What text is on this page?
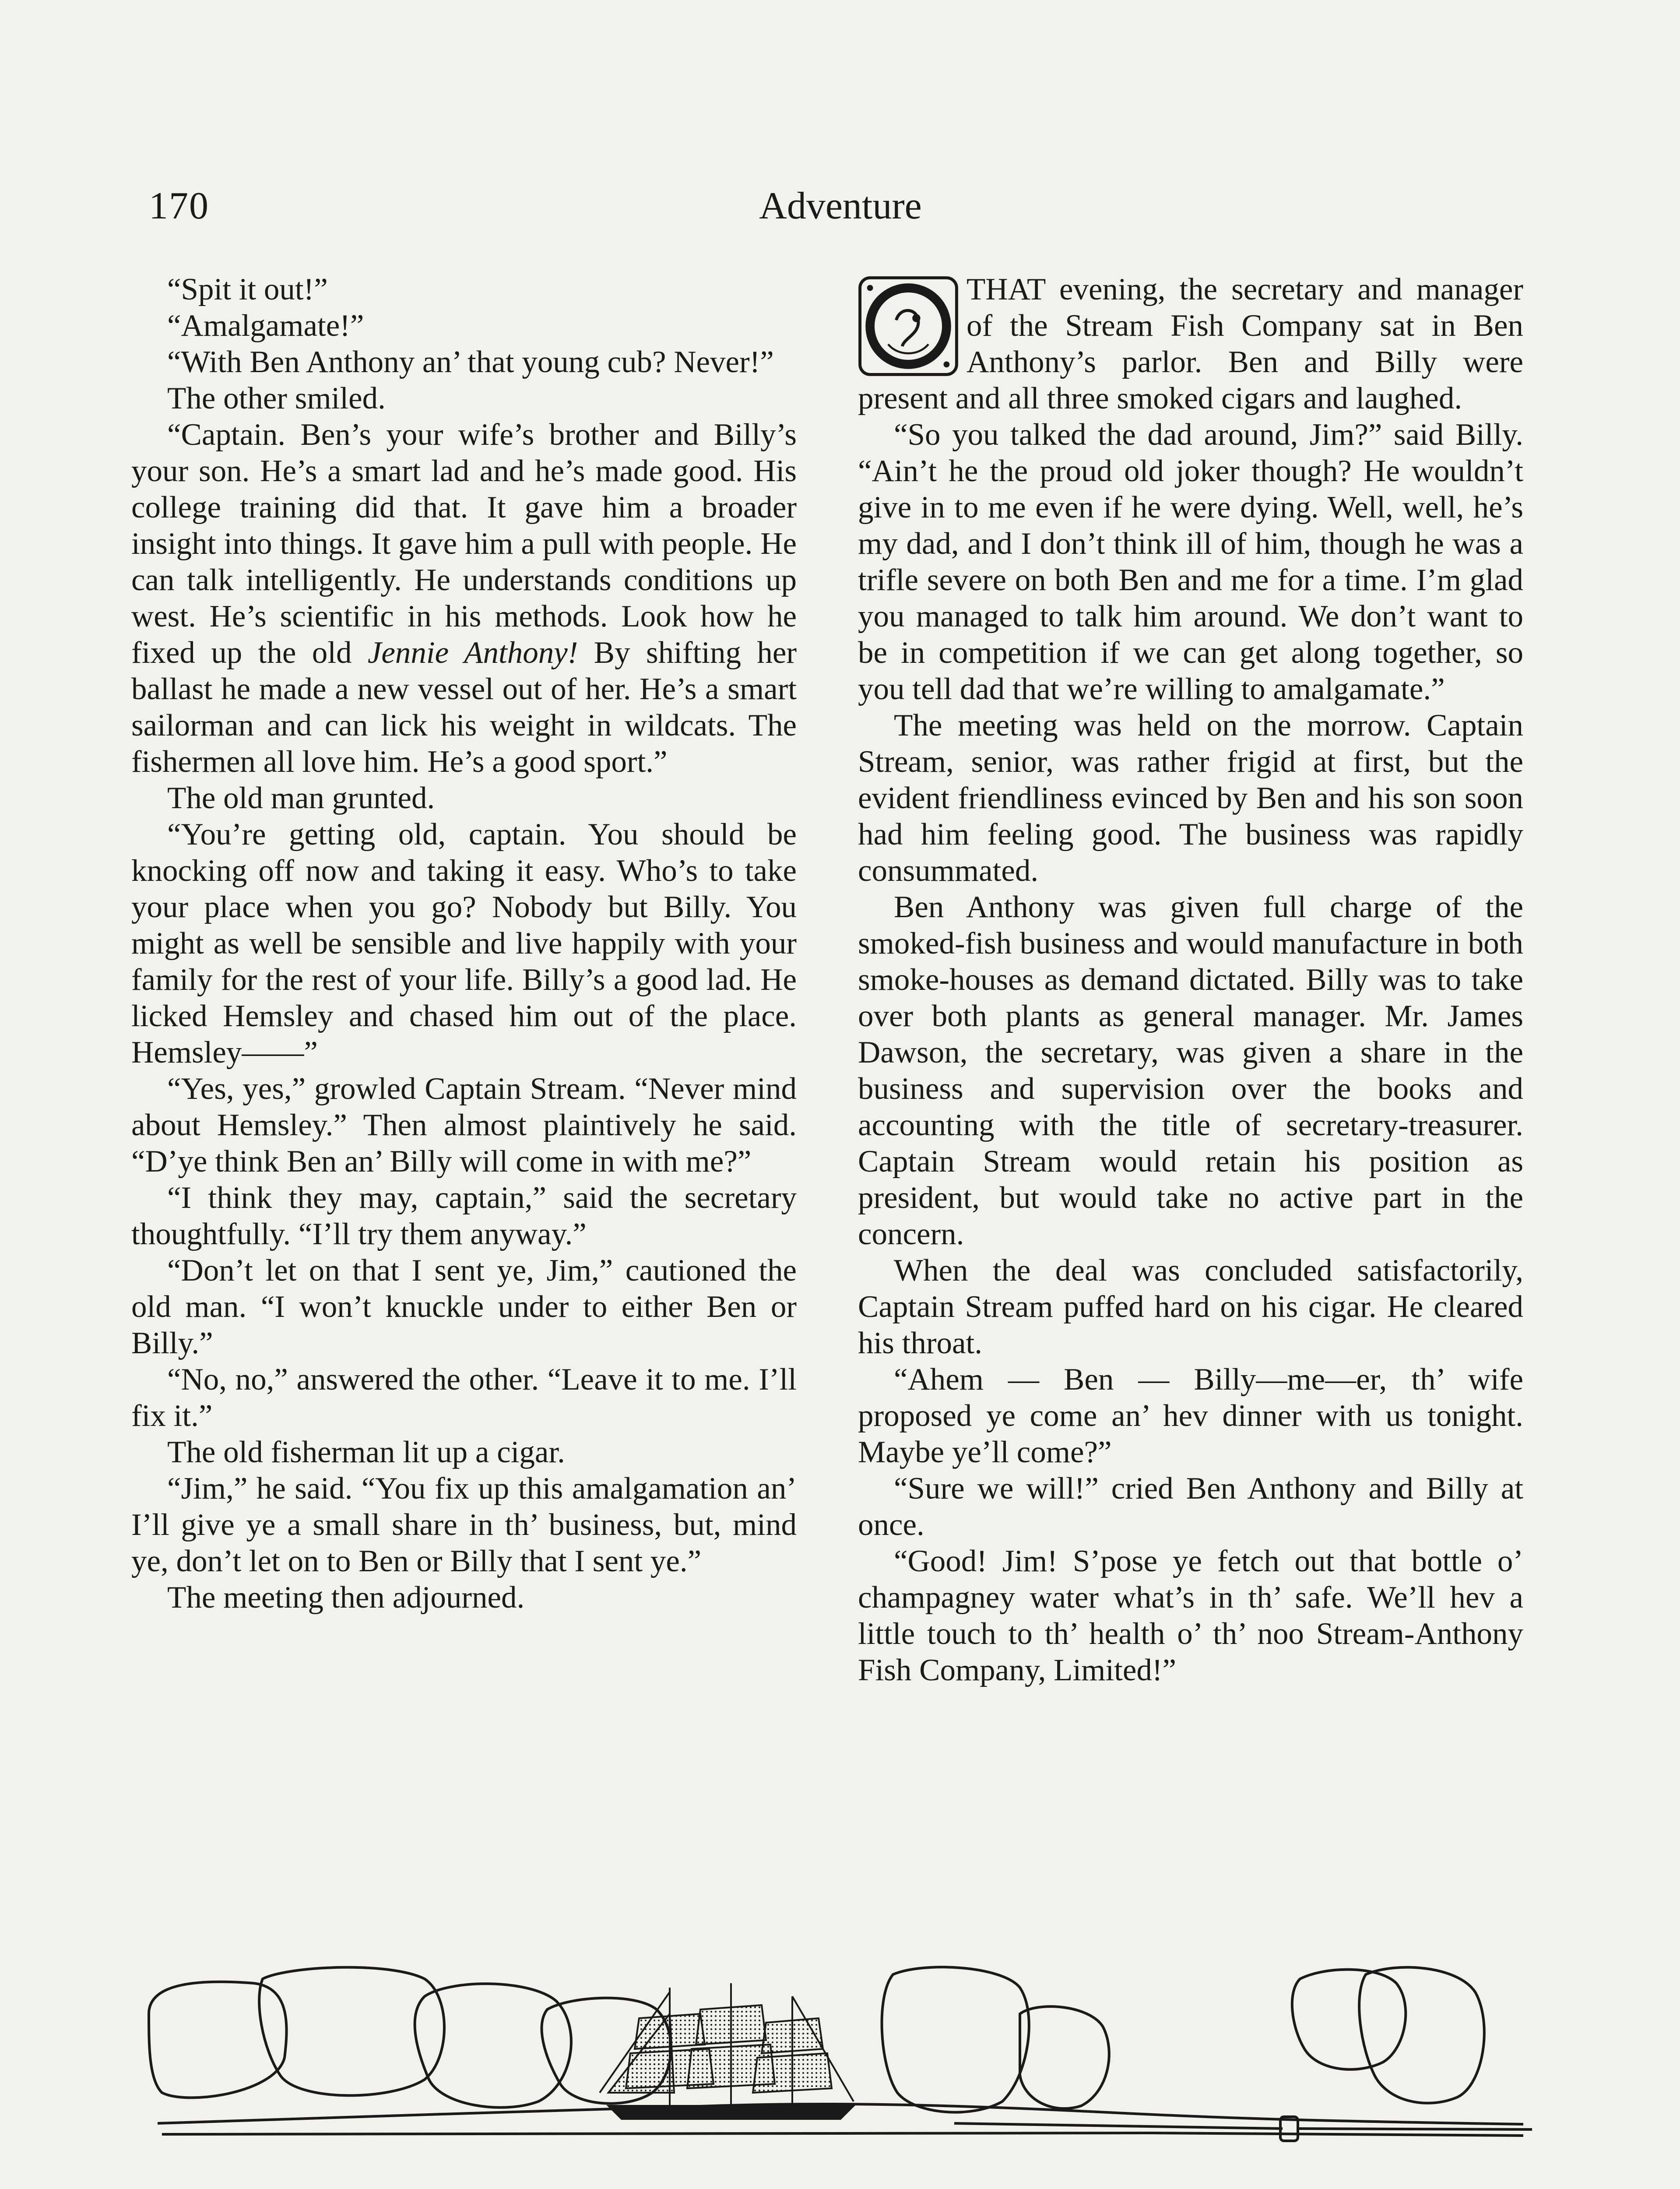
170	Adventure

“Spit it out!”

“Amalgamate!”

“With Ben Anthony an’ that young cub? Never!”

The other smiled.

“Captain. Ben’s your wife’s brother and Billy’s your son. He’s a smart lad and he’s made good. His college training did that. It gave him a broader insight into things. It gave him a pull with people. He can talk intelligently. He understands conditions up west. He’s scientific in his methods. Look how he fixed up the old Jennie Anthony! By shifting her ballast he made a new vessel out of her. He’s a smart sailorman and can lick his weight in wildcats. The fishermen all love him. He’s a good sport.”

The old man grunted.

“You’re getting old, captain. You should be knocking off now and taking it easy. Who’s to take your place when you go? Nobody but Billy. You might as well be sensible and live happily with your family for the rest of your life. Billy’s a good lad. He licked Hemsley and chased him out of the place. Hemsley——”

“Yes, yes,” growled Captain Stream. “Never mind about Hemsley.” Then almost plaintively he said. “D’ye think Ben an’ Billy will come in with me?”

“I think they may, captain,” said the secretary thoughtfully. “I’ll try them anyway.”

“Don’t let on that I sent ye, Jim,” cautioned the old man. “I won’t knuckle under to either Ben or Billy.”

“No, no,” answered the other. “Leave it to me. I’ll fix it.”

The old fisherman lit up a cigar.

“Jim,” he said. “You fix up this amalgamation an’ I’ll give ye a small share in th’ business, but, mind ye, don’t let on to Ben or Billy that I sent ye.”

The meeting then adjourned.

THAT evening, the secretary and manager of the Stream Fish Company sat in Ben Anthony’s parlor. Ben and Billy were present and all three smoked cigars and laughed.

“So you talked the dad around, Jim?” said Billy. “Ain’t he the proud old joker though? He wouldn’t give in to me even if he were dying. Well, well, he’s my dad, and I don’t think ill of him, though he was a trifle severe on both Ben and me for a time. I’m glad you managed to talk him around. We don’t want to be in competition if we can get along together, so you tell dad that we’re willing to amalgamate.”

The meeting was held on the morrow. Captain Stream, senior, was rather frigid at first, but the evident friendliness evinced by Ben and his son soon had him feeling good. The business was rapidly consummated.

Ben Anthony was given full charge of the smoked-fish business and would manufacture in both smoke-houses as demand dictated. Billy was to take over both plants as general manager. Mr. James Dawson, the secretary, was given a share in the business and supervision over the books and accounting with the title of secretary-treasurer. Captain Stream would retain his position as president, but would take no active part in the concern.

When the deal was concluded satisfactorily, Captain Stream puffed hard on his cigar. He cleared his throat.

“Ahem — Ben — Billy—me—er, th’ wife proposed ye come an’ hev dinner with us tonight. Maybe ye’ll come?”

“Sure we will!” cried Ben Anthony and Billy at once.

“Good! Jim! S’pose ye fetch out that bottle o’ champagney water what’s in th’ safe. We’ll hev a little touch to th’ health o’ th’ noo Stream-Anthony Fish Company, Limited!”
